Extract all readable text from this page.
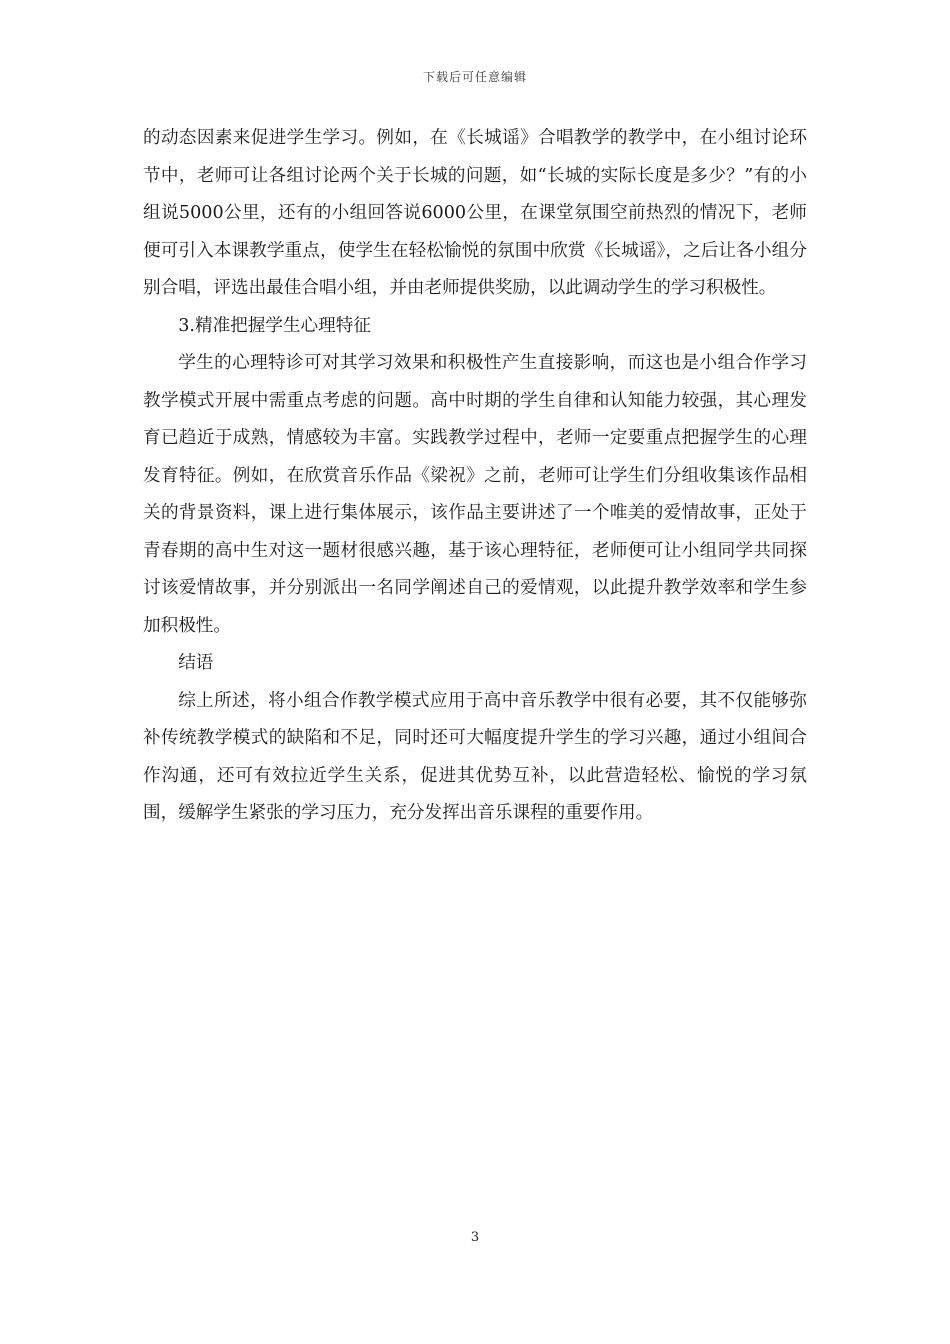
下载后可任意编辑

的动态因素来促进学生学习。例如，在《长城谣》合唱教学的教学中，在小组讨论环节中，老师可让各组讨论两个关于长城的问题，如“长城的实际长度是多少？”有的小组说5000公里，还有的小组回答说6000公里，在课堂氛围空前热烈的情况下，老师便可引入本课教学重点，使学生在轻松愉悦的氛围中欣赏《长城谣》，之后让各小组分别合唱，评选出最佳合唱小组，并由老师提供奖励，以此调动学生的学习积极性。

3.精准把握学生心理特征

学生的心理特诊可对其学习效果和积极性产生直接影响，而这也是小组合作学习教学模式开展中需重点考虑的问题。高中时期的学生自律和认知能力较强，其心理发育已趋近于成熟，情感较为丰富。实践教学过程中，老师一定要重点把握学生的心理发育特征。例如，在欣赏音乐作品《梁祝》之前，老师可让学生们分组收集该作品相关的背景资料，课上进行集体展示，该作品主要讲述了一个唯美的爱情故事，正处于青春期的高中生对这一题材很感兴趣，基于该心理特征，老师便可让小组同学共同探讨该爱情故事，并分别派出一名同学阐述自己的爱情观，以此提升教学效率和学生参加积极性。

结语

综上所述，将小组合作教学模式应用于高中音乐教学中很有必要，其不仅能够弥补传统教学模式的缺陷和不足，同时还可大幅度提升学生的学习兴趣，通过小组间合作沟通，还可有效拉近学生关系，促进其优势互补，以此营造轻松、愉悦的学习氛围，缓解学生紧张的学习压力，充分发挥出音乐课程的重要作用。

3
